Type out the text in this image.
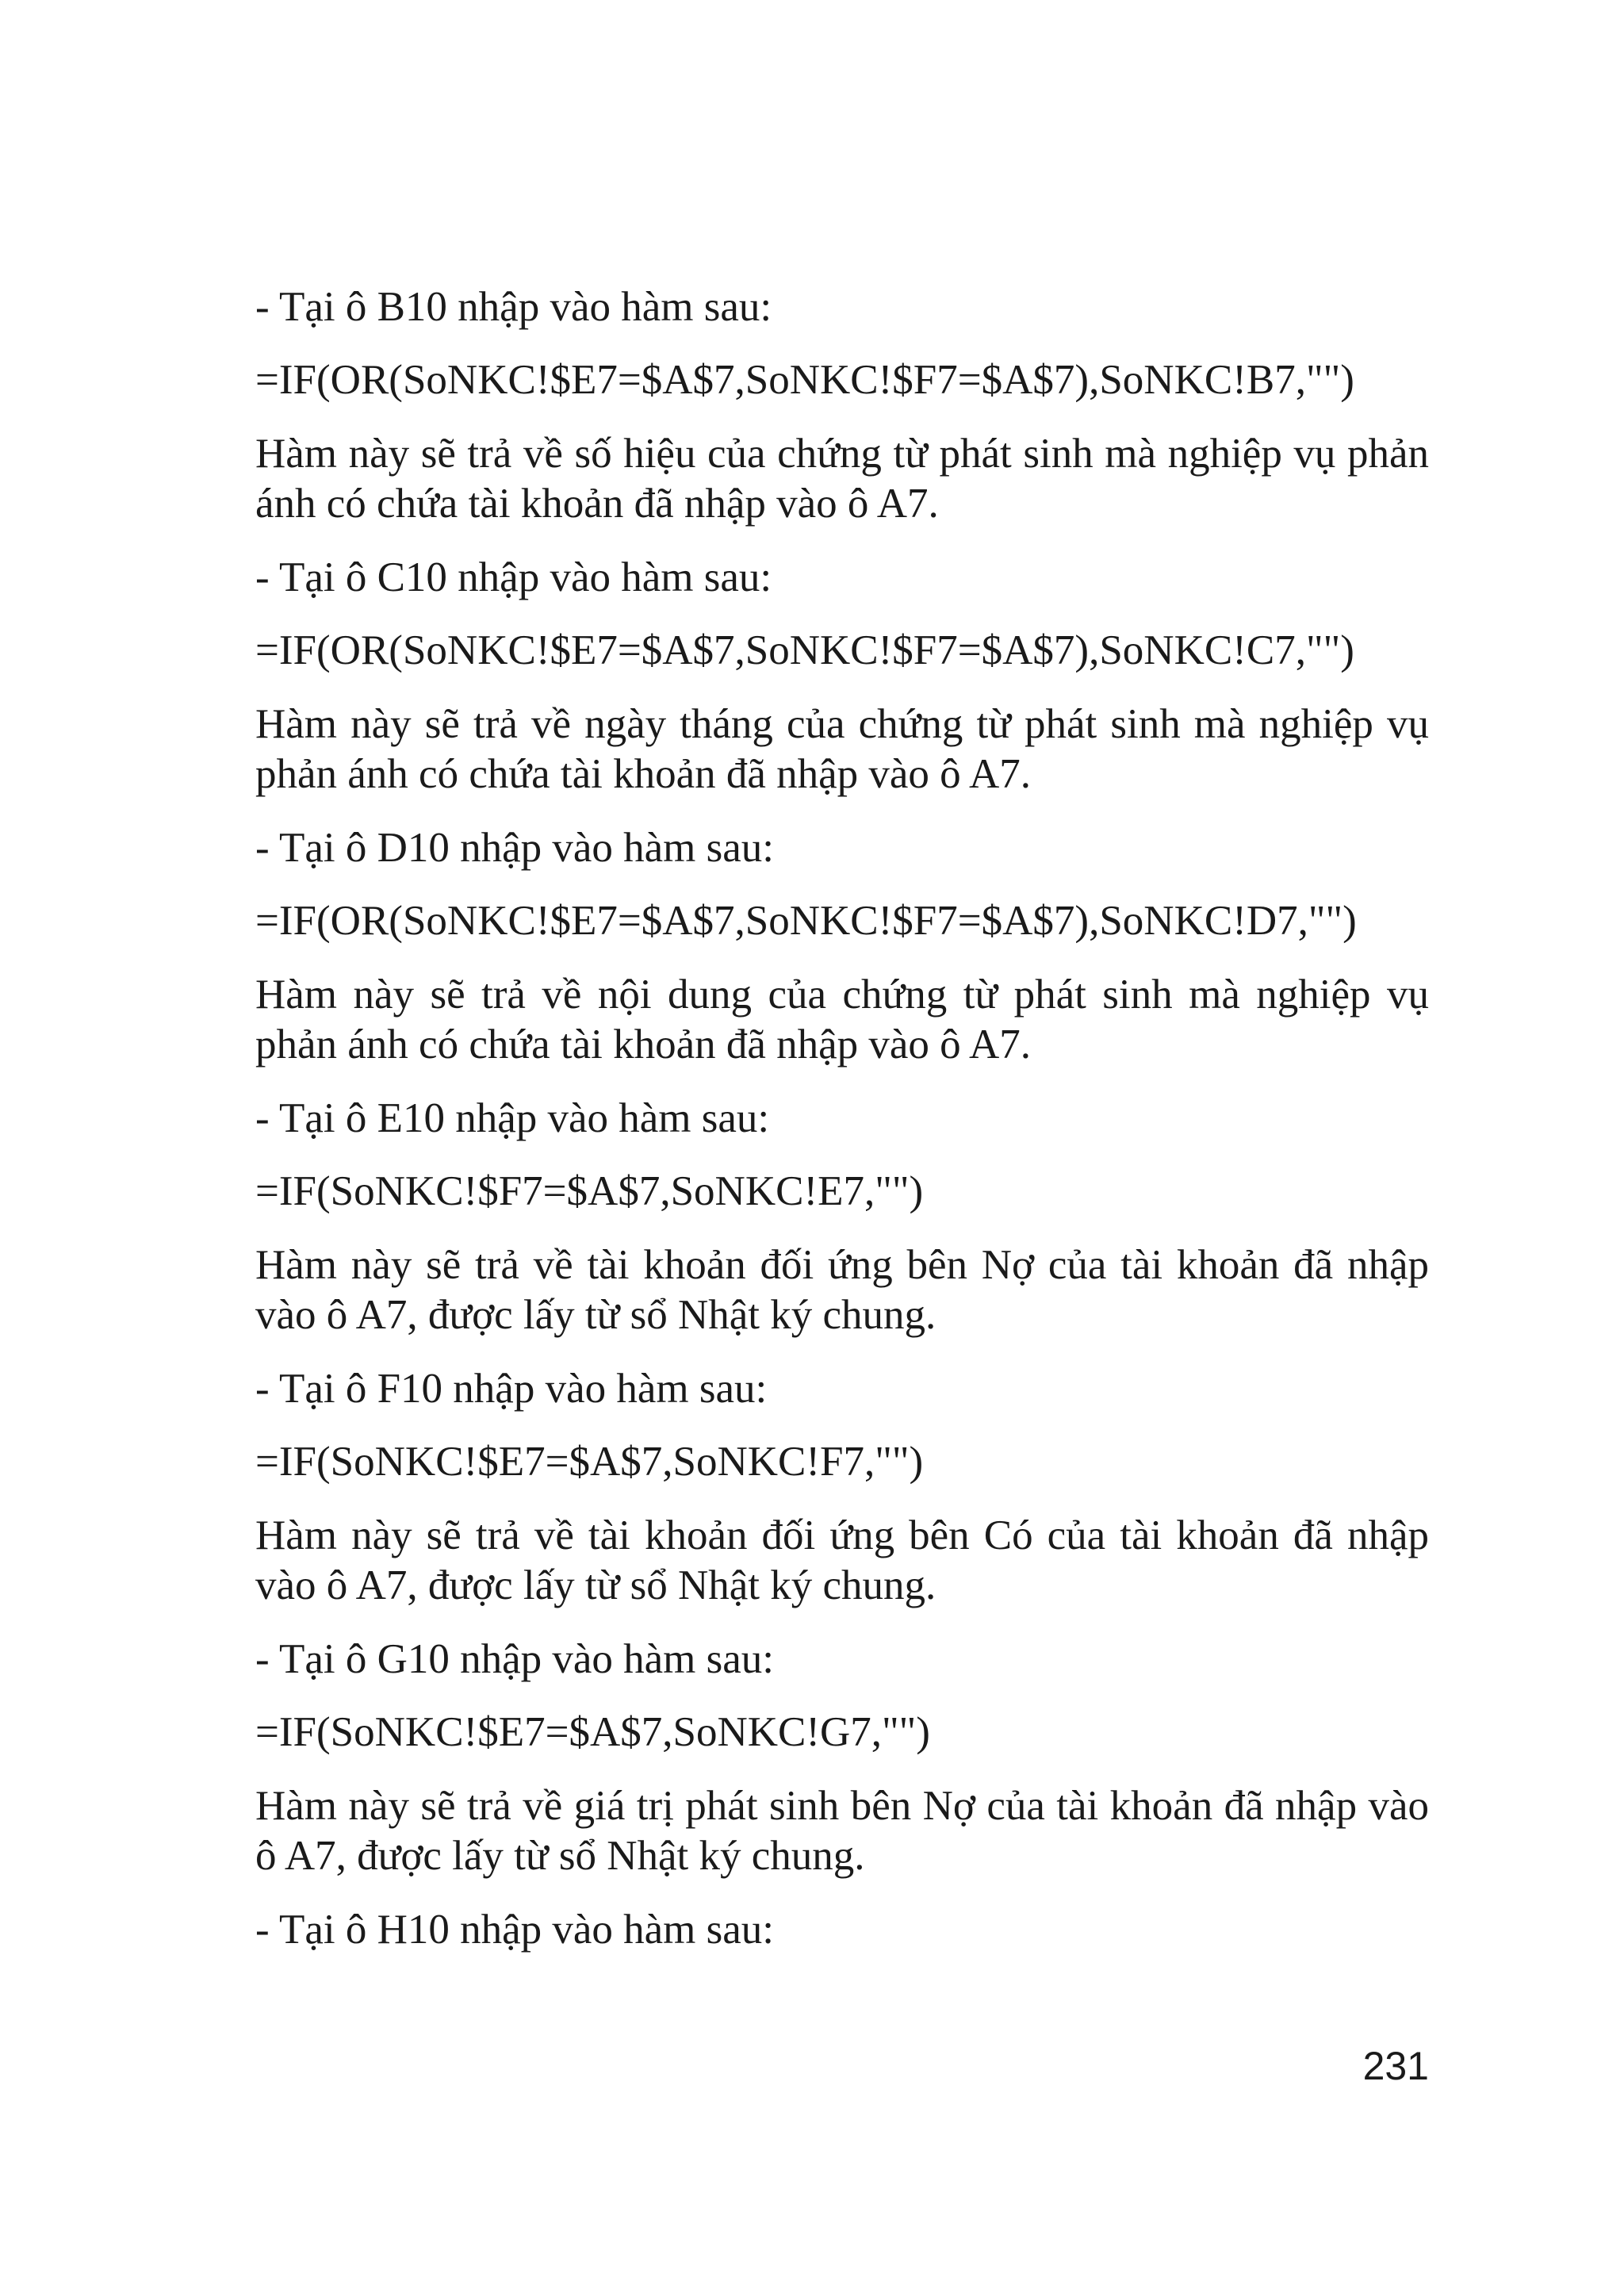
- Tại ô B10 nhập vào hàm sau:

=IF(OR(SoNKC!$E7=$A$7,SoNKC!$F7=$A$7),SoNKC!B7,"")

Hàm này sẽ trả về số hiệu của chứng từ phát sinh mà nghiệp vụ phản ánh có chứa tài khoản đã nhập vào ô A7.

- Tại ô C10 nhập vào hàm sau:

=IF(OR(SoNKC!$E7=$A$7,SoNKC!$F7=$A$7),SoNKC!C7,"")

Hàm này sẽ trả về ngày tháng của chứng từ phát sinh mà nghiệp vụ phản ánh có chứa tài khoản đã nhập vào ô A7.

- Tại ô D10 nhập vào hàm sau:

=IF(OR(SoNKC!$E7=$A$7,SoNKC!$F7=$A$7),SoNKC!D7,"")

Hàm này sẽ trả về nội dung của chứng từ phát sinh mà nghiệp vụ phản ánh có chứa tài khoản đã nhập vào ô A7.

- Tại ô E10 nhập vào hàm sau:

=IF(SoNKC!$F7=$A$7,SoNKC!E7,"")

Hàm này sẽ trả về tài khoản đối ứng bên Nợ của tài khoản đã nhập vào ô A7, được lấy từ sổ Nhật ký chung.

- Tại ô F10 nhập vào hàm sau:

=IF(SoNKC!$E7=$A$7,SoNKC!F7,"")

Hàm này sẽ trả về tài khoản đối ứng bên Có của tài khoản đã nhập vào ô A7, được lấy từ sổ Nhật ký chung.

- Tại ô G10 nhập vào hàm sau:

=IF(SoNKC!$E7=$A$7,SoNKC!G7,"")

Hàm này sẽ trả về giá trị phát sinh bên Nợ của tài khoản đã nhập vào ô A7, được lấy từ sổ Nhật ký chung.

- Tại ô H10 nhập vào hàm sau:

231
